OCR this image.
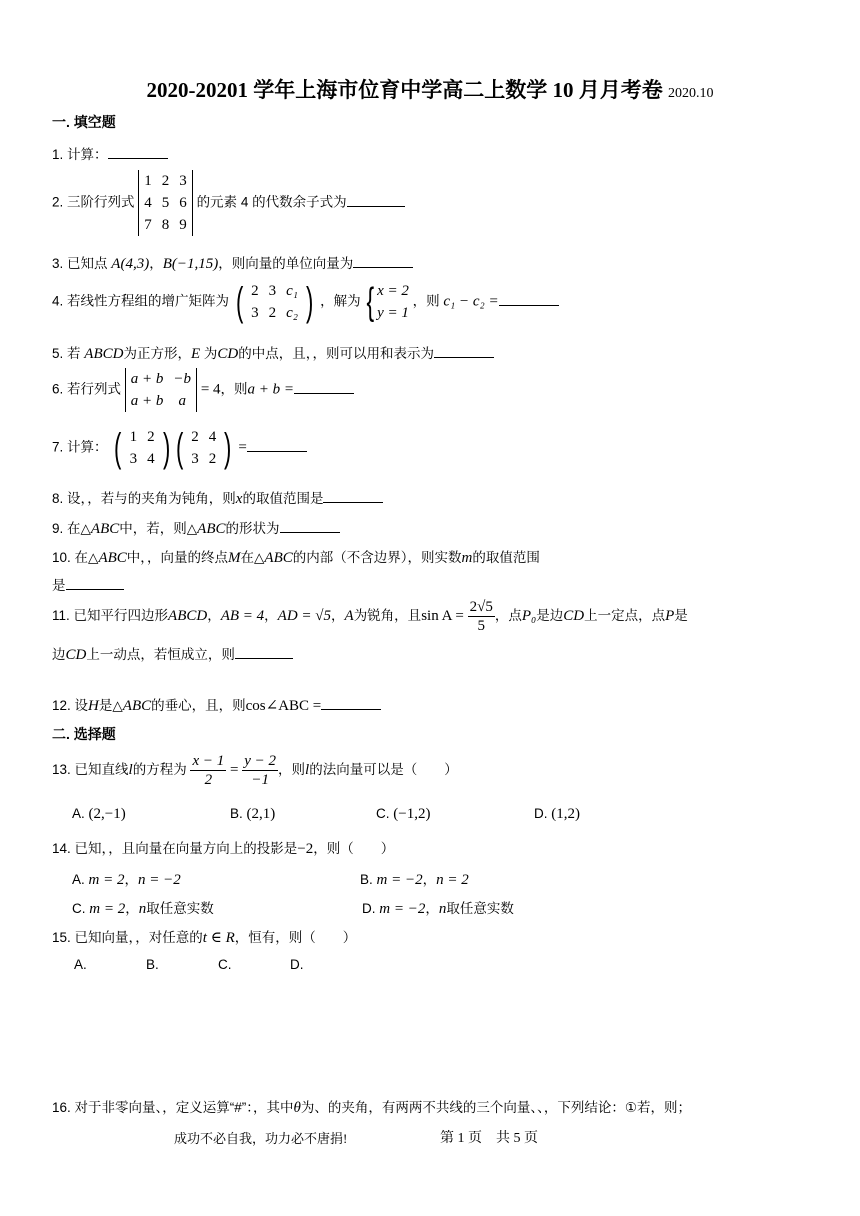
2020-20201 学年上海市位育中学高二上数学 10 月月考卷 2020.10
一. 填空题
1. 计算：
2. 三阶行列式
1	2	3
4	5	6
7	8	9
的元素 4 的代数余子式为
3. 已知点 A(4,3)，B(−1,15)，则向量的单位向量为
4. 若线性方程组的增广矩阵为 ( 2	3	c₁
3	2	c₂ ) ，解为 { x = 2
y = 1
，则 c₁ − c₂ =
5. 若 ABCD为正方形，E 为CD的中点，且，，则可以用和表示为
6. 若行列式
a + b	−b
a + b	a
= 4，则a + b =
7. 计算： ( 1	2
3	4 ) ( 2	4
3	2 ) =
8. 设，，若与的夹角为钝角，则x的取值范围是
9. 在△ABC中，若，则△ABC的形状为
10. 在△ABC中，，向量的终点M在△ABC的内部（不含边界），则实数m的取值范围
是
11. 已知平行四边形ABCD，AB = 4，AD = √5，A为锐角，且$\sin A = \frac{2√5}{5}$ ，点P₀是边CD上一定点，点P是
边CD上一动点，若恒成立，则
12. 设H是△ABC的垂心，且，则cos∠ABC =
二. 选择题
13. 已知直线l的方程为 $\frac{x - 1}{2} = \frac{y - 2}{-1}$ ，则l的法向量可以是（　　）
A. (2,−1)	B. (2,1)	C. (−1,2)	D. (1,2)
14. 已知，，且向量在向量方向上的投影是−2，则（　　）
A. m = 2，n = −2	B. m = −2，n = 2
C. m = 2，n取任意实数	D. m = −2，n取任意实数
15. 已知向量，，对任意的t ∈ R，恒有，则（　　）
A.	B.	C.	D.
16. 对于非零向量、，定义运算“#”：，其中θ为、的夹角，有两两不共线的三个向量、、，下列结论：①若，则；
成功不必自我，功力必不唐捐!	第 1 页　共 5 页
